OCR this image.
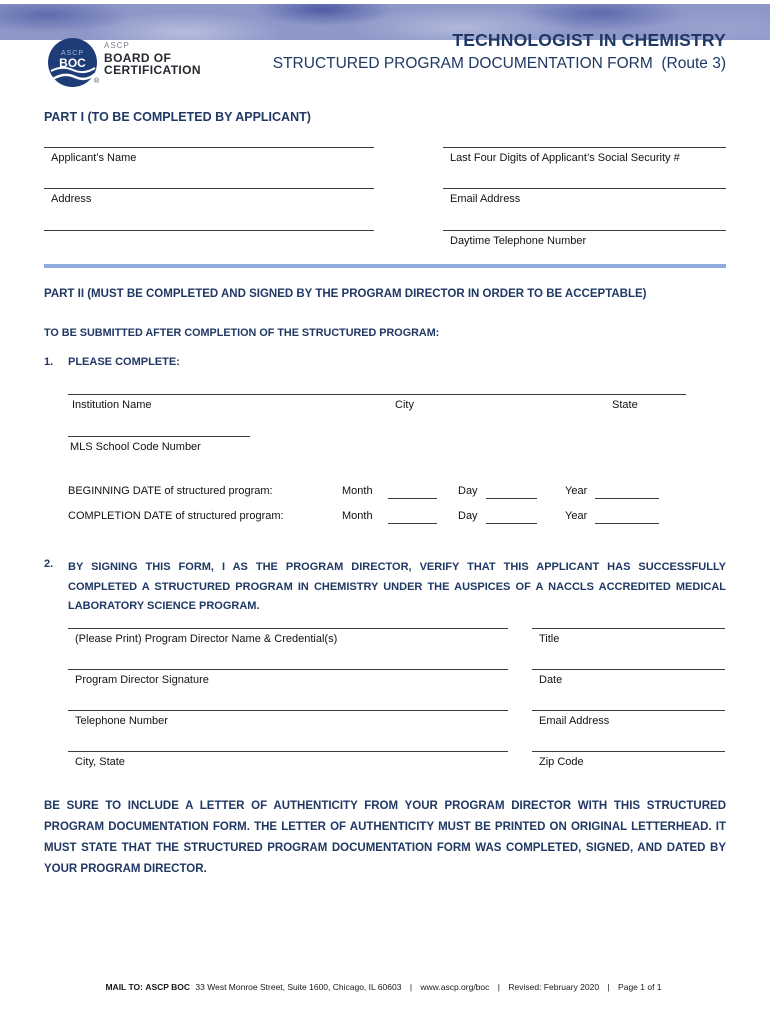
ASCP
BOC
®
ASCP
BOARD OF
CERTIFICATION
TECHNOLOGIST IN CHEMISTRY
STRUCTURED PROGRAM DOCUMENTATION FORM  (Route 3)
PART I (TO BE COMPLETED BY APPLICANT)
Applicant’s Name	Last Four Digits of Applicant’s Social Security #
Address	Email Address
Daytime Telephone Number
PART II (MUST BE COMPLETED AND SIGNED BY THE PROGRAM DIRECTOR IN ORDER TO BE ACCEPTABLE)
TO BE SUBMITTED AFTER COMPLETION OF THE STRUCTURED PROGRAM:
1. PLEASE COMPLETE:
Institution Name	City	State
MLS School Code Number
BEGINNING DATE of structured program:	Month	Day	Year
COMPLETION DATE of structured program:	Month	Day	Year
2. BY SIGNING THIS FORM, I AS THE PROGRAM DIRECTOR, VERIFY THAT THIS APPLICANT HAS SUCCESSFULLY COMPLETED A STRUCTURED PROGRAM IN CHEMISTRY UNDER THE AUSPICES OF A NACCLS ACCREDITED MEDICAL LABORATORY SCIENCE PROGRAM.
(Please Print) Program Director Name & Credential(s)	Title
Program Director Signature	Date
Telephone Number	Email Address
City, State	Zip Code
BE SURE TO INCLUDE A LETTER OF AUTHENTICITY FROM YOUR PROGRAM DIRECTOR WITH THIS STRUCTURED PROGRAM DOCUMENTATION FORM. THE LETTER OF AUTHENTICITY MUST BE PRINTED ON ORIGINAL LETTERHEAD. IT MUST STATE THAT THE STRUCTURED PROGRAM DOCUMENTATION FORM WAS COMPLETED, SIGNED, AND DATED BY YOUR PROGRAM DIRECTOR.
MAIL TO: ASCP BOC 33 West Monroe Street, Suite 1600, Chicago, IL 60603 | www.ascp.org/boc | Revised: February 2020 | Page 1 of 1
